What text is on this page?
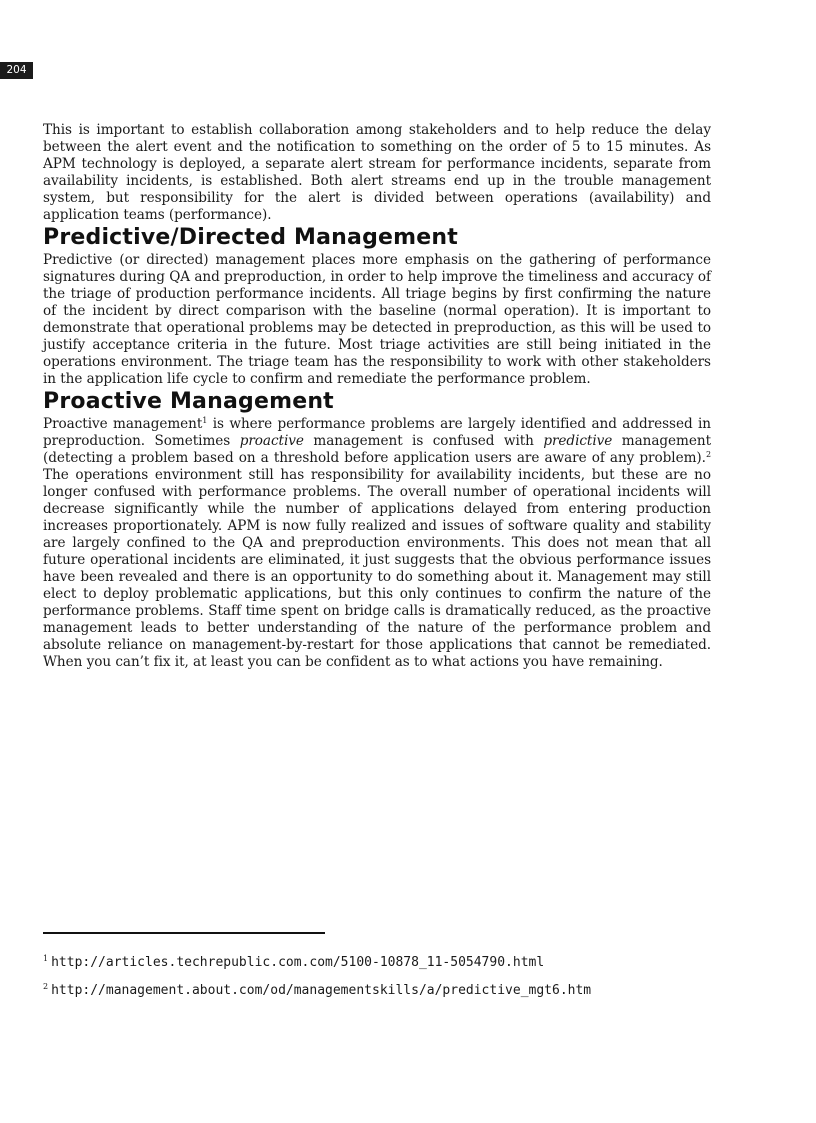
204

This is important to establish collaboration among stakeholders and to help reduce the delay between the alert event and the notification to something on the order of 5 to 15 minutes. As APM technology is deployed, a separate alert stream for performance incidents, separate from availability incidents, is established. Both alert streams end up in the trouble management system, but responsibility for the alert is divided between operations (availability) and application teams (performance).

Predictive/Directed Management

Predictive (or directed) management places more emphasis on the gathering of performance signatures during QA and preproduction, in order to help improve the timeliness and accuracy of the triage of production performance incidents. All triage begins by first confirming the nature of the incident by direct comparison with the baseline (normal operation). It is important to demonstrate that operational problems may be detected in preproduction, as this will be used to justify acceptance criteria in the future. Most triage activities are still being initiated in the operations environment. The triage team has the responsibility to work with other stakeholders in the application life cycle to confirm and remediate the performance problem.

Proactive Management

Proactive management$^1$ is where performance problems are largely identified and addressed in preproduction. Sometimes proactive management is confused with predictive management (detecting a problem based on a threshold before application users are aware of any problem).$^2$ The operations environment still has responsibility for availability incidents, but these are no longer confused with performance problems. The overall number of operational incidents will decrease significantly while the number of applications delayed from entering production increases proportionately. APM is now fully realized and issues of software quality and stability are largely confined to the QA and preproduction environments. This does not mean that all future operational incidents are eliminated, it just suggests that the obvious performance issues have been revealed and there is an opportunity to do something about it. Management may still elect to deploy problematic applications, but this only continues to confirm the nature of the performance problems. Staff time spent on bridge calls is dramatically reduced, as the proactive management leads to better understanding of the nature of the performance problem and absolute reliance on management-by-restart for those applications that cannot be remediated. When you can’t fix it, at least you can be confident as to what actions you have remaining.

$^1$ http://articles.techrepublic.com.com/5100-10878_11-5054790.html
$^2$ http://management.about.com/od/managementskills/a/predictive_mgt6.htm
